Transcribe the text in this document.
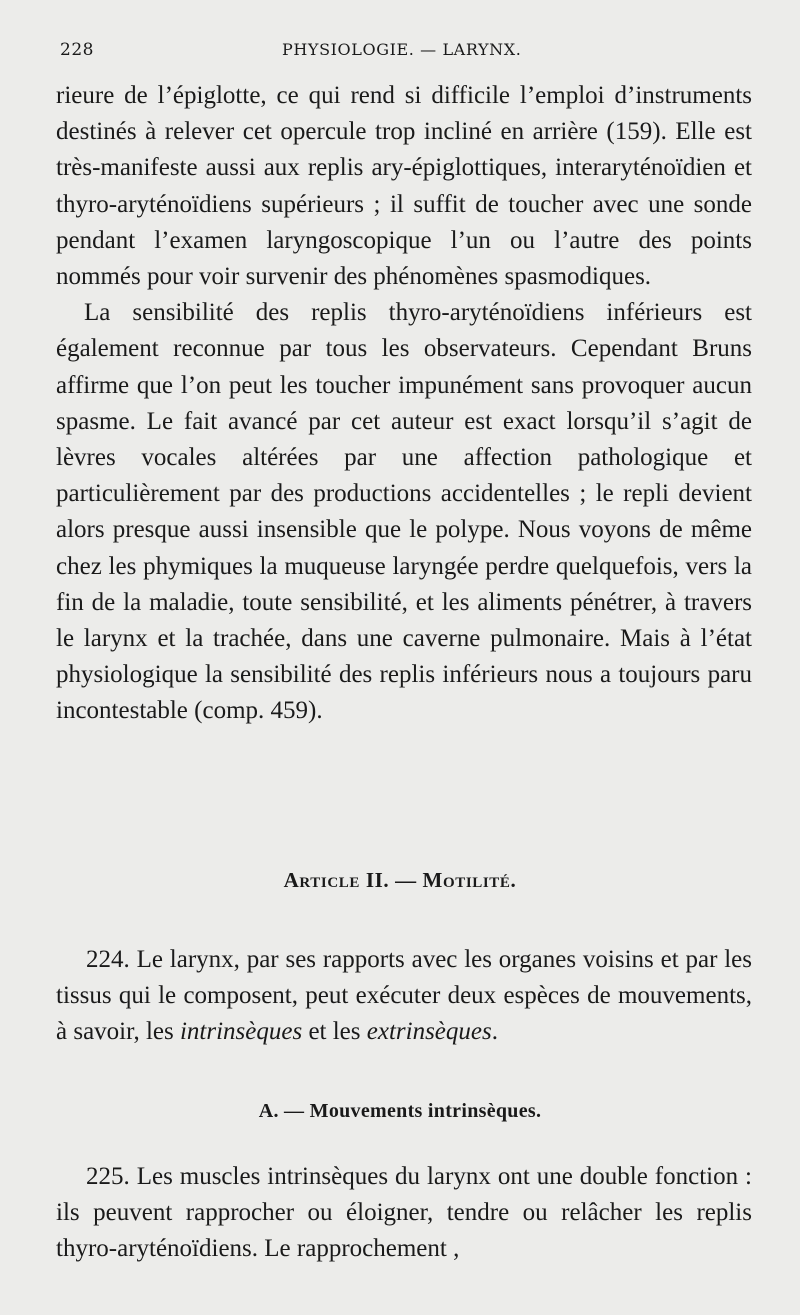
228	PHYSIOLOGIE. — LARYNX.

rieure de l’épiglotte, ce qui rend si difficile l’emploi d’instruments destinés à relever cet opercule trop incliné en arrière (159). Elle est très-manifeste aussi aux replis ary-épiglottiques, interaryténoïdien et thyro-aryténoïdiens supérieurs ; il suffit de toucher avec une sonde pendant l’examen laryngoscopique l’un ou l’autre des points nommés pour voir survenir des phénomènes spasmodiques.

La sensibilité des replis thyro-aryténoïdiens inférieurs est également reconnue par tous les observateurs. Cependant Bruns affirme que l’on peut les toucher impunément sans provoquer aucun spasme. Le fait avancé par cet auteur est exact lorsqu’il s’agit de lèvres vocales altérées par une affection pathologique et particulièrement par des productions accidentelles ; le repli devient alors presque aussi insensible que le polype. Nous voyons de même chez les phymiques la muqueuse laryngée perdre quelquefois, vers la fin de la maladie, toute sensibilité, et les aliments pénétrer, à travers le larynx et la trachée, dans une caverne pulmonaire. Mais à l’état physiologique la sensibilité des replis inférieurs nous a toujours paru incontestable (comp. 459).

Article II. — Motilité.

224. Le larynx, par ses rapports avec les organes voisins et par les tissus qui le composent, peut exécuter deux espèces de mouvements, à savoir, les intrinsèques et les extrinsèques.

A. — Mouvements intrinsèques.

225. Les muscles intrinsèques du larynx ont une double fonction : ils peuvent rapprocher ou éloigner, tendre ou relâcher les replis thyro-aryténoïdiens. Le rapprochement ,
